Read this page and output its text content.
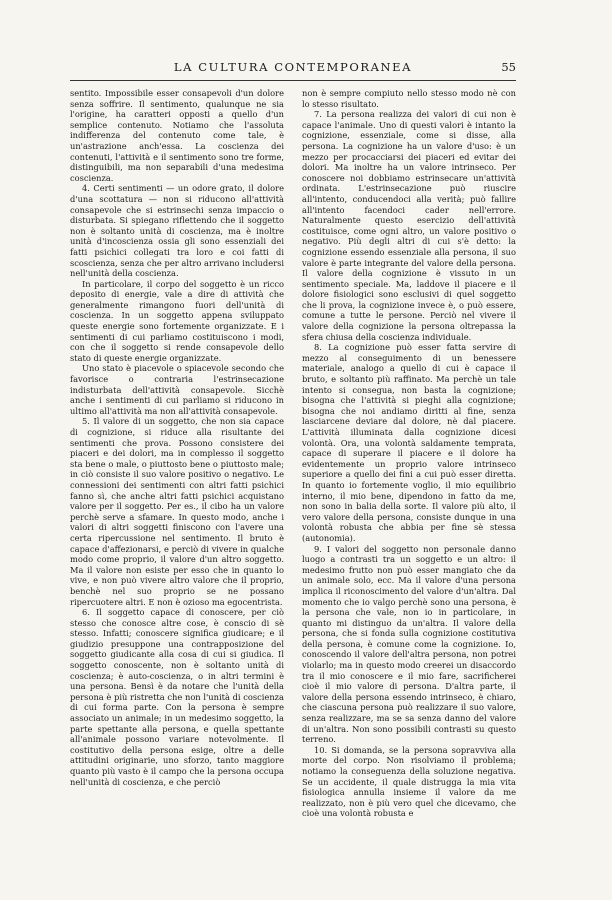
LA CULTURA CONTEMPORANEA	55

sentito. Impossibile esser consapevoli d'un dolore senza soffrire. Il sentimento, qualunque ne sia l'origine, ha caratteri opposti a quello d'un semplice contenuto. Notiamo che l'assoluta indifferenza del contenuto come tale, è un'astrazione anch'essa. La coscienza dei contenuti, l'attività e il sentimento sono tre forme, distinguibili, ma non separabili d'una medesima coscienza.

4. Certi sentimenti — un odore grato, il dolore d'una scottatura — non si riducono all'attività consapevole che si estrinsechi senza impaccio o disturbata. Si spiegano riflettendo che il soggetto non è soltanto unità di coscienza, ma è inoltre unità d'incoscienza ossia gli sono essenziali dei fatti psichici collegati tra loro e coi fatti di scoscienza, senza che per altro arrivano includersi nell'unità della coscienza.

In particolare, il corpo del soggetto è un ricco deposito di energie, vale a dire di attività che generalmente rimangono fuori dell'unità di coscienza. In un soggetto appena sviluppato queste energie sono fortemente organizzate. E i sentimenti di cui parliamo costituiscono i modi, con che il soggetto si rende consapevole dello stato di queste energie organizzate.

Uno stato è piacevole o spiacevole secondo che favorisce o contraria l'estrinsecazione indisturbata dell'attività consapevole. Sicchè anche i sentimenti di cui parliamo si riducono in ultimo all'attività ma non all'attività consapevole.

5. Il valore di un soggetto, che non sia capace di cognizione, si riduce alla risultante dei sentimenti che prova. Possono consistere dei piaceri e dei dolori, ma in complesso il soggetto sta bene o male, o piuttosto bene o piuttosto male; in ciò consiste il suo valore positivo o negativo. Le connessioni dei sentimenti con altri fatti psichici fanno sì, che anche altri fatti psichici acquistano valore per il soggetto. Per es., il cibo ha un valore perchè serve a sfamare. In questo modo, anche i valori di altri soggetti finiscono con l'avere una certa ripercussione nel sentimento. Il bruto è capace d'affezionarsi, e perciò di vivere in qualche modo come proprio, il valore d'un altro soggetto. Ma il valore non esiste per esso che in quanto lo vive, e non può vivere altro valore che il proprio, benchè nel suo proprio se ne possano ripercuotere altri. E non è ozioso ma egocentrista.

6. Il soggetto capace di conoscere, per ciò stesso che conosce altre cose, è conscio di sè stesso. Infatti; conoscere significa giudicare; e il giudizio presuppone una contrapposizione del soggetto giudicante alla cosa di cui si giudica. Il soggetto conoscente, non è soltanto unità di coscienza; è auto-coscienza, o in altri termini è una persona. Bensì è da notare che l'unità della persona è più ristretta che non l'unità di coscienza di cui forma parte. Con la persona è sempre associato un animale; in un medesimo soggetto, la parte spettante alla persona, e quella spettante all'animale possono variare notevolmente. Il costitutivo della persona esige, oltre a delle attitudini originarie, uno sforzo, tanto maggiore quanto più vasto è il campo che la persona occupa nell'unità di coscienza, e che perciò

non è sempre compiuto nello stesso modo nè con lo stesso risultato.

7. La persona realizza dei valori di cui non è capace l'animale. Uno di questi valori è intanto la cognizione, essenziale, come si disse, alla persona. La cognizione ha un valore d'uso: è un mezzo per procacciarsi dei piaceri ed evitar dei dolori. Ma inoltre ha un valore intrinseco. Per conoscere noi dobbiamo estrinsecare un'attività ordinata. L'estrinsecazione può riuscire all'intento, conducendoci alla verità; può fallire all'intento facendoci cader nell'errore. Naturalmente questo esercizio dell'attività costituisce, come ogni altro, un valore positivo o negativo. Più degli altri di cui s'è detto: la cognizione essendo essenziale alla persona, il suo valore è parte integrante del valore della persona. Il valore della cognizione è vissuto in un sentimento speciale. Ma, laddove il piacere e il dolore fisiologici sono esclusivi di quel soggetto che li prova, la cognizione invece è, o può essere, comune a tutte le persone. Perciò nel vivere il valore della cognizione la persona oltrepassa la sfera chiusa della coscienza individuale.

8. La cognizione può esser fatta servire di mezzo al conseguimento di un benessere materiale, analogo a quello di cui è capace il bruto, e soltanto più raffinato. Ma perchè un tale intento si consegua, non basta la cognizione; bisogna che l'attività si pieghi alla cognizione; bisogna che noi andiamo diritti al fine, senza lasciarcene deviare dal dolore, nè dal piacere. L'attività illuminata dalla cognizione dicesi volontà. Ora, una volontà saldamente temprata, capace di superare il piacere e il dolore ha evidentemente un proprio valore intrinseco superiore a quello dei fini a cui può esser diretta. In quanto io fortemente voglio, il mio equilibrio interno, il mio bene, dipendono in fatto da me, non sono in balia della sorte. Il valore più alto, il vero valore della persona, consiste dunque in una volontà robusta che abbia per fine sè stessa (autonomia).

9. I valori del soggetto non personale danno luogo a contrasti tra un soggetto e un altro: il medesimo frutto non può esser mangiato che da un animale solo, ecc. Ma il valore d'una persona implica il riconoscimento del valore d'un'altra. Dal momento che io valgo perchè sono una persona, è la persona che vale, non io in particolare, in quanto mi distinguo da un'altra. Il valore della persona, che si fonda sulla cognizione costitutiva della persona, è comune come la cognizione. Io, conoscendo il valore dell'altra persona, non potrei violarlo; ma in questo modo creerei un disaccordo tra il mio conoscere e il mio fare, sacrificherei cioè il mio valore di persona. D'altra parte, il valore della persona essendo intrinseco, è chiaro, che ciascuna persona può realizzare il suo valore, senza realizzare, ma se sa senza danno del valore di un'altra. Non sono possibili contrasti su questo terreno.

10. Si domanda, se la persona sopravviva alla morte del corpo. Non risolviamo il problema; notiamo la conseguenza della soluzione negativa. Se un accidente, il quale distrugga la mia vita fisiologica annulla insieme il valore da me realizzato, non è più vero quel che dicevamo, che cioè una volontà robusta e
